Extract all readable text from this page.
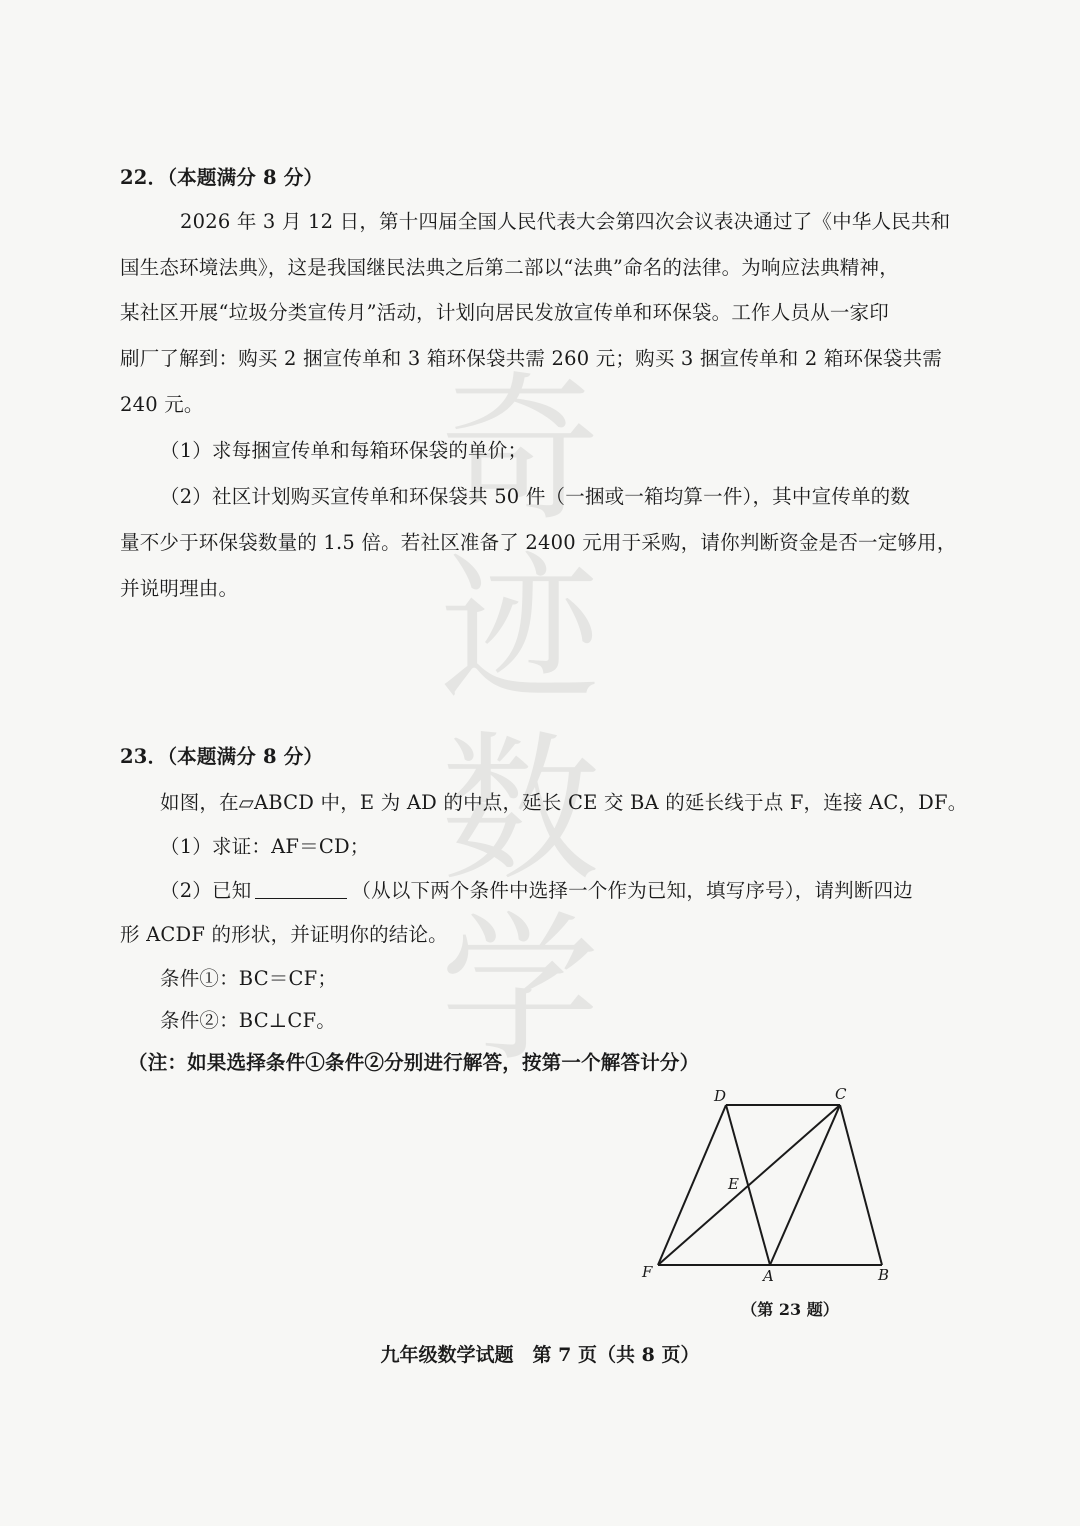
奇迹数学
22．（本题满分 8 分）
2026 年 3 月 12 日，第十四届全国人民代表大会第四次会议表决通过了《中华人民共和
国生态环境法典》，这是我国继民法典之后第二部以“法典”命名的法律。为响应法典精神，
某社区开展“垃圾分类宣传月”活动，计划向居民发放宣传单和环保袋。工作人员从一家印
刷厂了解到：购买 2 捆宣传单和 3 箱环保袋共需 260 元；购买 3 捆宣传单和 2 箱环保袋共需
240 元。
（1）求每捆宣传单和每箱环保袋的单价；
（2）社区计划购买宣传单和环保袋共 50 件（一捆或一箱均算一件），其中宣传单的数
量不少于环保袋数量的 1.5 倍。若社区准备了 2400 元用于采购，请你判断资金是否一定够用，
并说明理由。
23．（本题满分 8 分）
如图，在▱ABCD 中，E 为 AD 的中点，延长 CE 交 BA 的延长线于点 F，连接 AC，DF。
（1）求证：AF＝CD；
（2）已知	（从以下两个条件中选择一个作为已知，填写序号），请判断四边
形 ACDF 的形状，并证明你的结论。
条件①：BC＝CF；
条件②：BC⊥CF。
（注：如果选择条件①条件②分别进行解答，按第一个解答计分）
D	C
E
F	A	B
（第 23 题）
九年级数学试题　第 7 页（共 8 页）
